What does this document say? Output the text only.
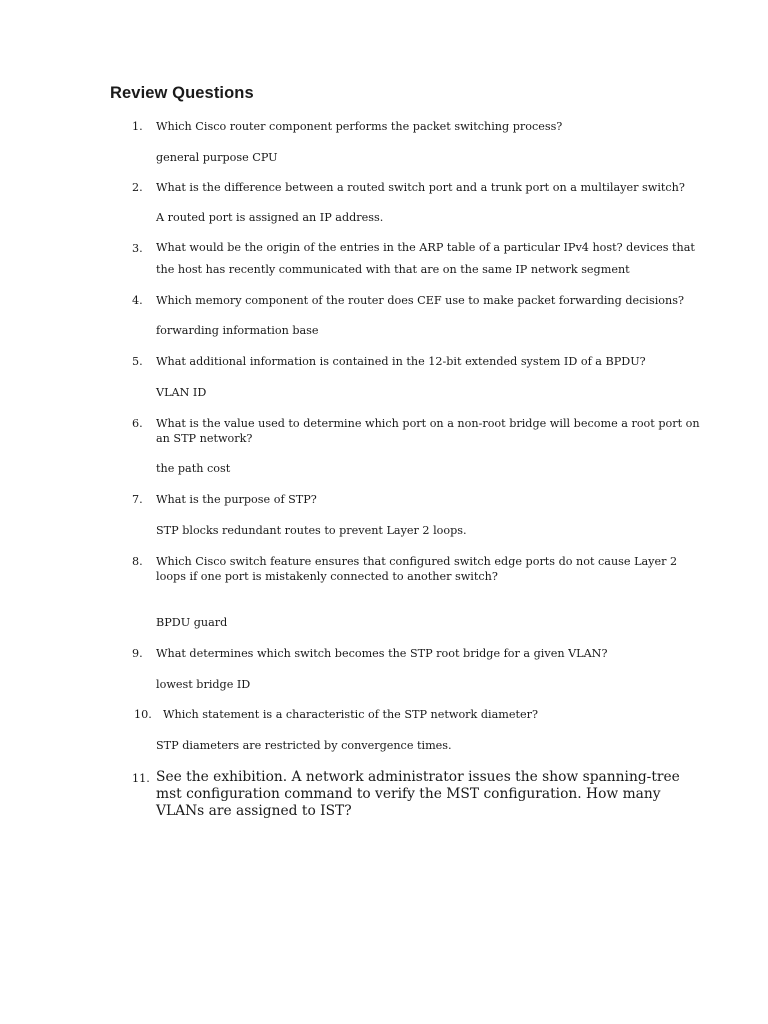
Review Questions
1. Which Cisco router component performs the packet switching process?
general purpose CPU
2. What is the difference between a routed switch port and a trunk port on a multilayer switch?
A routed port is assigned an IP address.
3. What would be the origin of the entries in the ARP table of a particular IPv4 host? devices that the host has recently communicated with that are on the same IP network segment
4. Which memory component of the router does CEF use to make packet forwarding decisions?
forwarding information base
5. What additional information is contained in the 12-bit extended system ID of a BPDU?
VLAN ID
6. What is the value used to determine which port on a non-root bridge will become a root port on an STP network?
the path cost
7. What is the purpose of STP?
STP blocks redundant routes to prevent Layer 2 loops.
8. Which Cisco switch feature ensures that configured switch edge ports do not cause Layer 2 loops if one port is mistakenly connected to another switch?
BPDU guard
9. What determines which switch becomes the STP root bridge for a given VLAN?
lowest bridge ID
10. Which statement is a characteristic of the STP network diameter?
STP diameters are restricted by convergence times.
11. See the exhibition. A network administrator issues the show spanning-tree mst configuration command to verify the MST configuration. How many VLANs are assigned to IST?
